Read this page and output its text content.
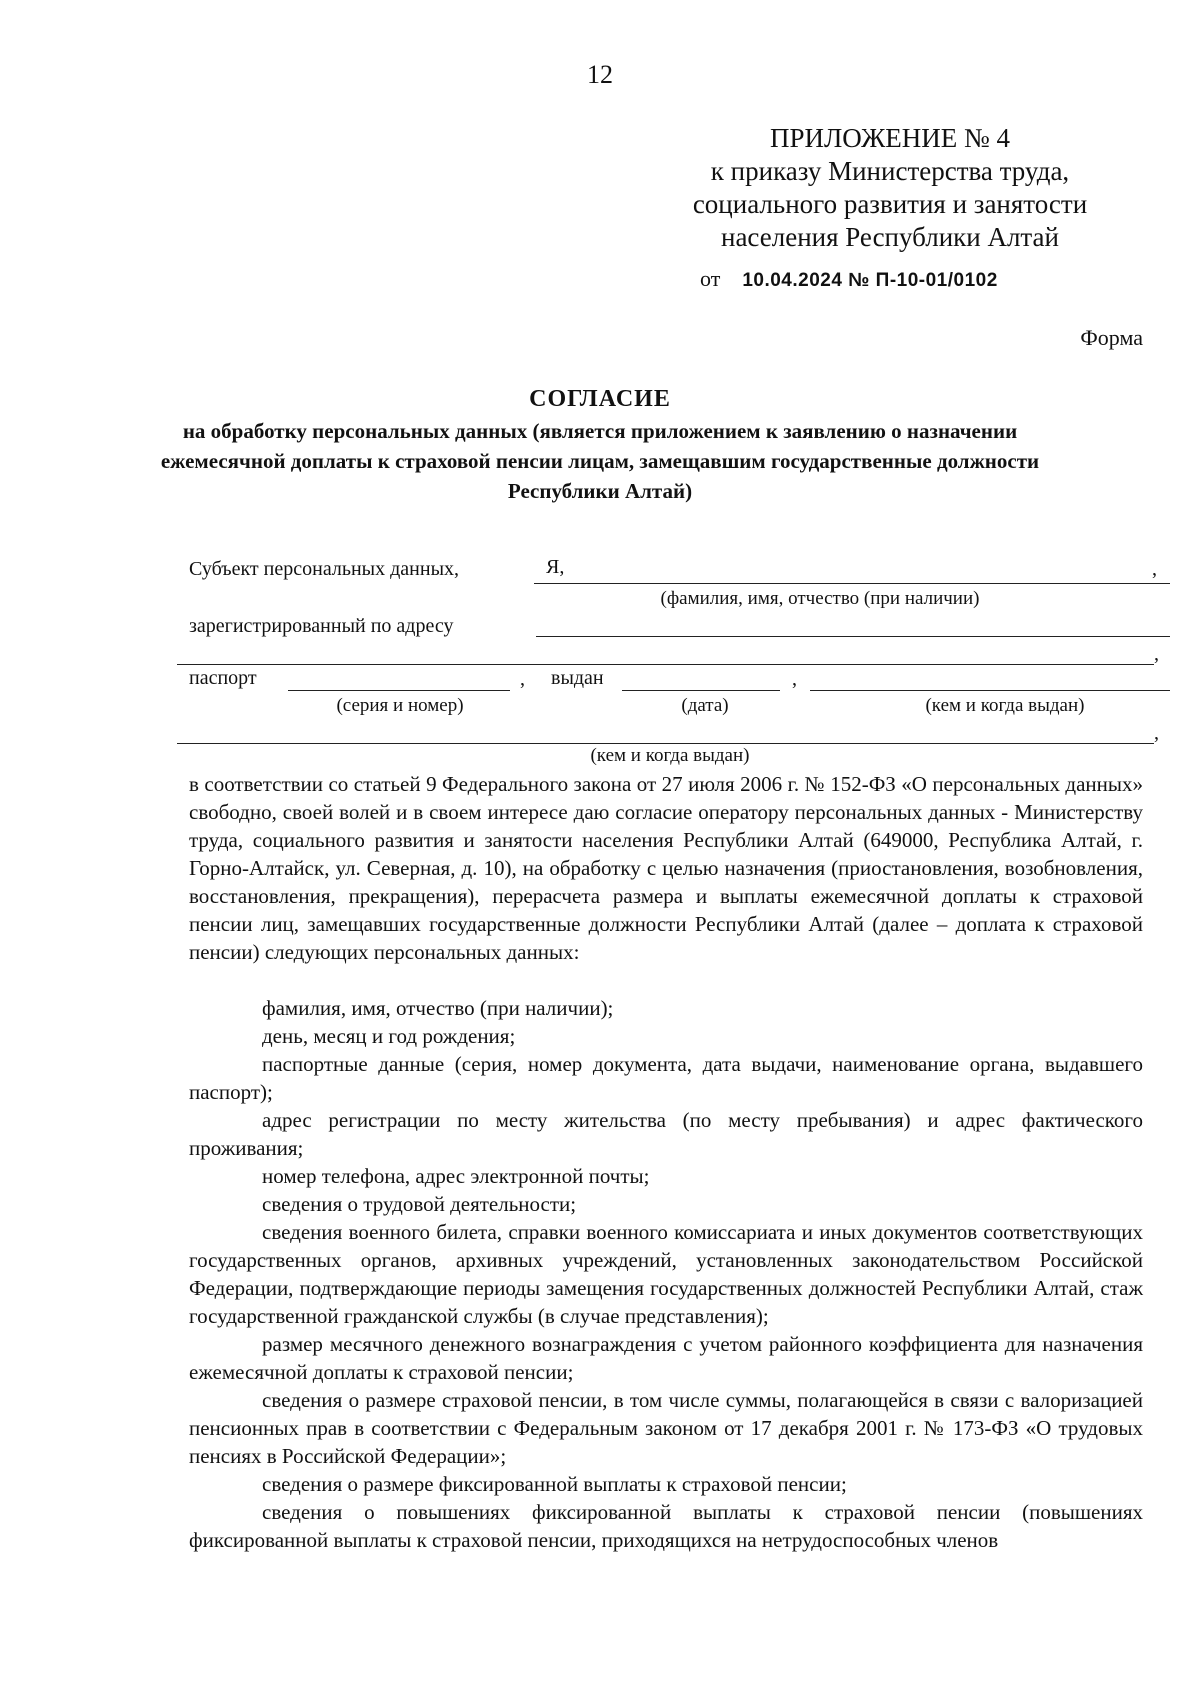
12
ПРИЛОЖЕНИЕ № 4
к приказу Министерства труда,
социального развития и занятости
населения Республики Алтай
от 10.04.2024 № П-10-01/0102
Форма
СОГЛАСИЕ
на обработку персональных данных (является приложением к заявлению о назначении ежемесячной доплаты к страховой пенсии лицам, замещавшим государственные должности Республики Алтай)
Субъект персональных данных,	Я,	,
(фамилия, имя, отчество (при наличии)
зарегистрированный по адресу
,
паспорт	, выдан	,
(серия и номер)	(дата)	(кем и когда выдан)
,
(кем и когда выдан)

в соответствии со статьей 9 Федерального закона от 27 июля 2006 г. № 152-ФЗ «О персональных данных» свободно, своей волей и в своем интересе даю согласие оператору персональных данных - Министерству труда, социального развития и занятости населения Республики Алтай (649000, Республика Алтай, г. Горно-Алтайск, ул. Северная, д. 10), на обработку с целью назначения (приостановления, возобновления, восстановления, прекращения), перерасчета размера и выплаты ежемесячной доплаты к страховой пенсии лиц, замещавших государственные должности Республики Алтай (далее – доплата к страховой пенсии) следующих персональных данных:

фамилия, имя, отчество (при наличии);

день, месяц и год рождения;

паспортные данные (серия, номер документа, дата выдачи, наименование органа, выдавшего паспорт);

адрес регистрации по месту жительства (по месту пребывания) и адрес фактического проживания;

номер телефона, адрес электронной почты;

сведения о трудовой деятельности;

сведения военного билета, справки военного комиссариата и иных документов соответствующих государственных органов, архивных учреждений, установленных законодательством Российской Федерации, подтверждающие периоды замещения государственных должностей Республики Алтай, стаж государственной гражданской службы (в случае представления);

размер месячного денежного вознаграждения с учетом районного коэффициента для назначения ежемесячной доплаты к страховой пенсии;

сведения о размере страховой пенсии, в том числе суммы, полагающейся в связи с валоризацией пенсионных прав в соответствии с Федеральным законом от 17 декабря 2001 г. № 173-ФЗ «О трудовых пенсиях в Российской Федерации»;

сведения о размере фиксированной выплаты к страховой пенсии;

сведения о повышениях фиксированной выплаты к страховой пенсии (повышениях фиксированной выплаты к страховой пенсии, приходящихся на нетрудоспособных членов
